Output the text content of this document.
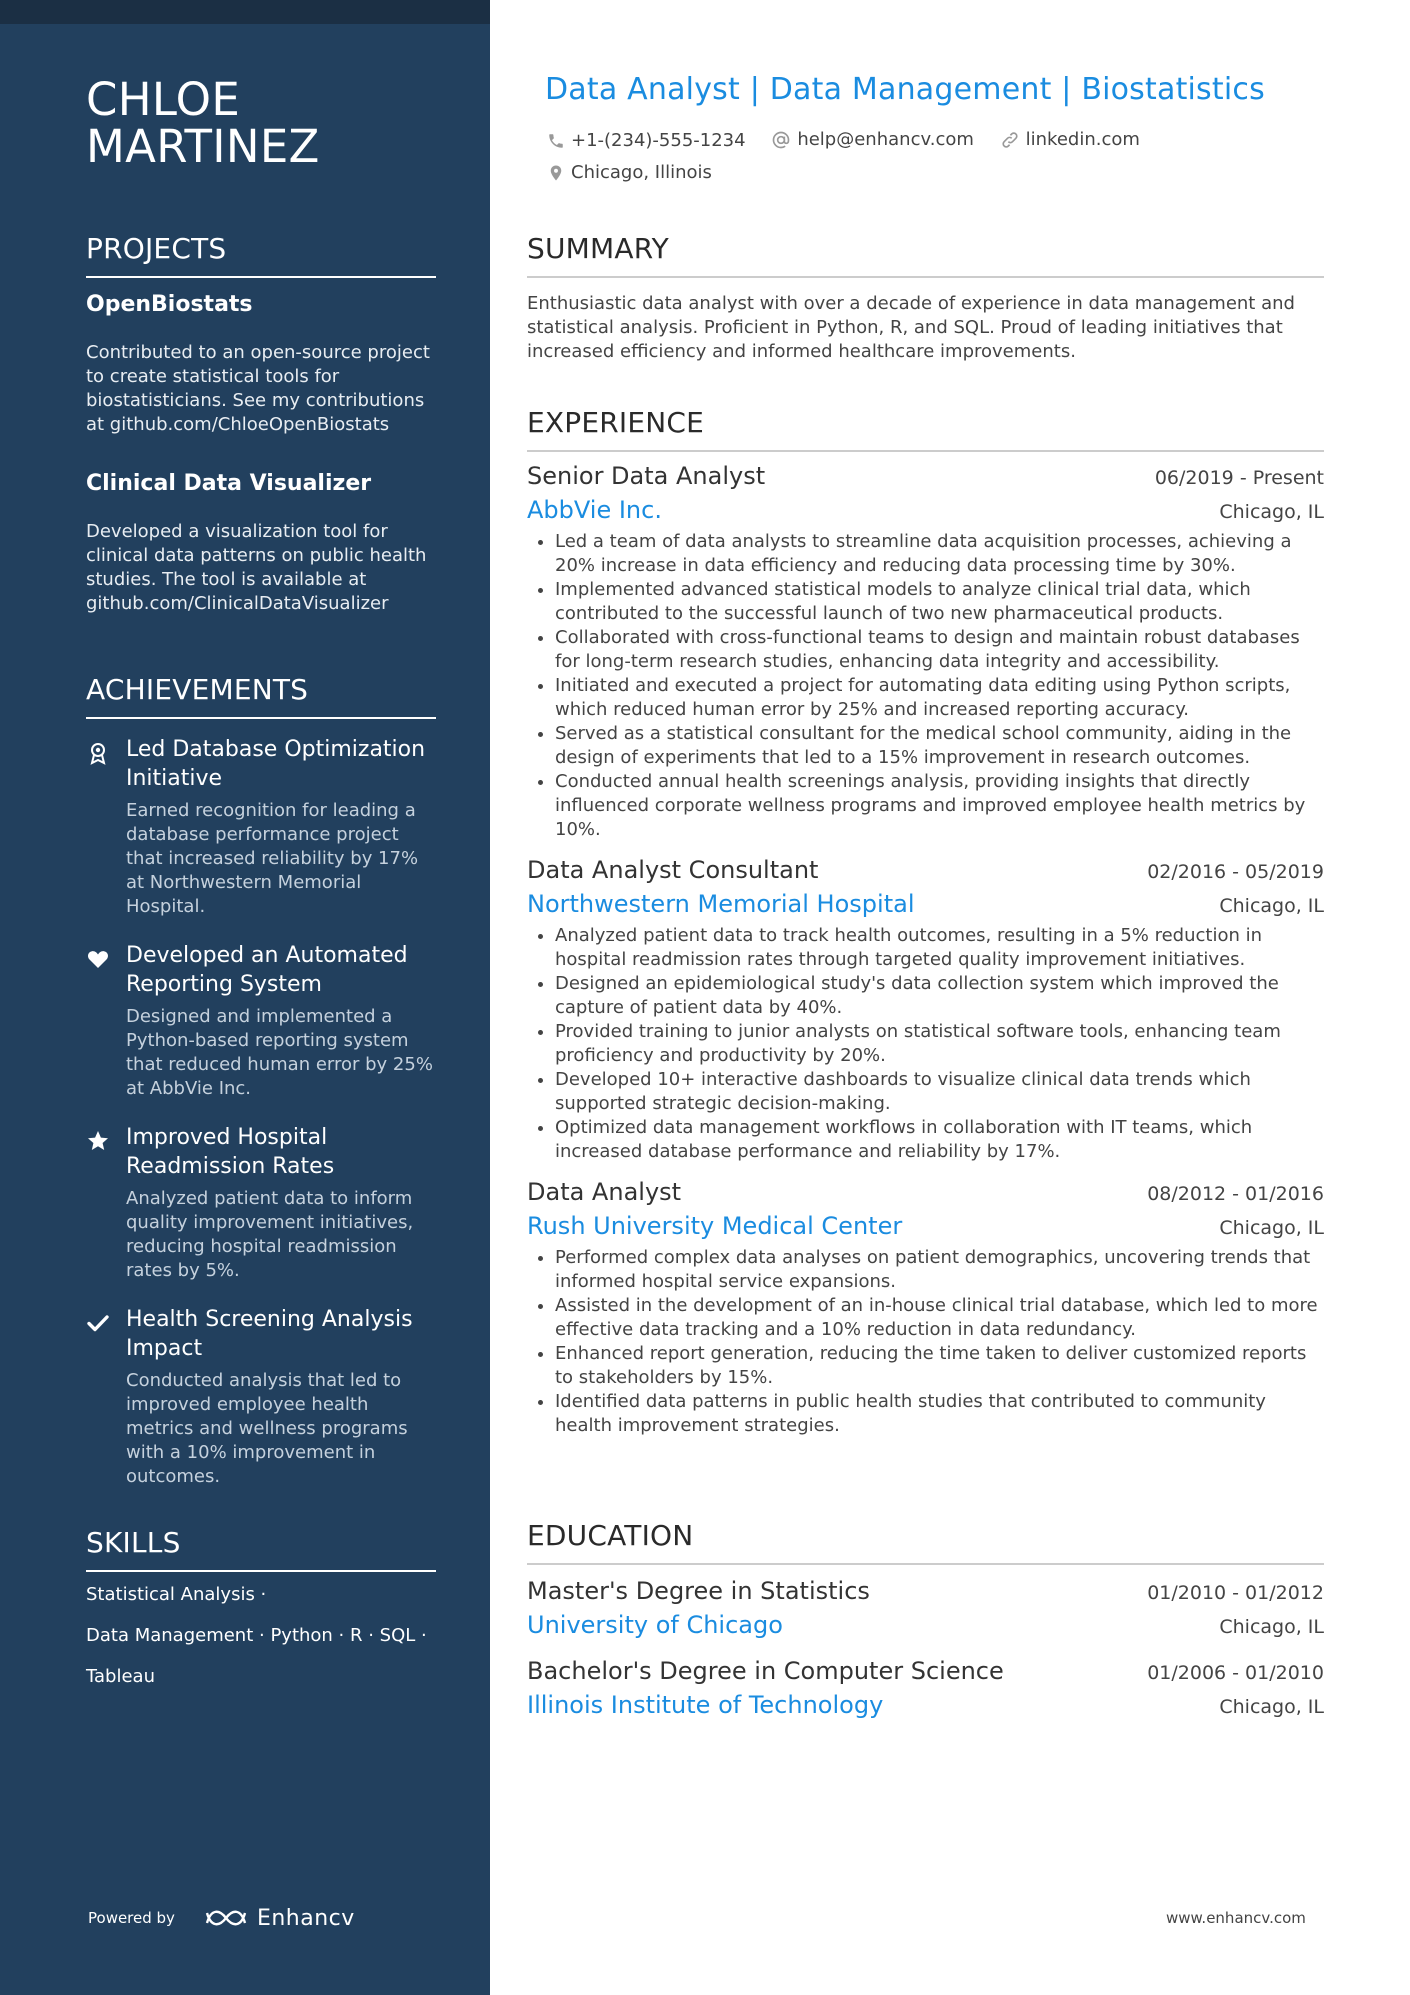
CHLOE MARTINEZ
PROJECTS
OpenBiostats
Contributed to an open-source project to create statistical tools for biostatisticians. See my contributions at github.com/ChloeOpenBiostats
Clinical Data Visualizer
Developed a visualization tool for clinical data patterns on public health studies. The tool is available at github.com/ClinicalDataVisualizer
ACHIEVEMENTS
Led Database Optimization Initiative
Earned recognition for leading a database performance project that increased reliability by 17% at Northwestern Memorial Hospital.
Developed an Automated Reporting System
Designed and implemented a Python-based reporting system that reduced human error by 25% at AbbVie Inc.
Improved Hospital Readmission Rates
Analyzed patient data to inform quality improvement initiatives, reducing hospital readmission rates by 5%.
Health Screening Analysis Impact
Conducted analysis that led to improved employee health metrics and wellness programs with a 10% improvement in outcomes.
SKILLS
Statistical Analysis ·
Data Management · Python · R · SQL ·
Tableau
Powered by	Enhancv
Data Analyst | Data Management | Biostatistics
+1-(234)-555-1234
	help@enhancv.com
	linkedin.com

Chicago, Illinois
SUMMARY
Enthusiastic data analyst with over a decade of experience in data management and statistical analysis. Proficient in Python, R, and SQL. Proud of leading initiatives that increased efficiency and informed healthcare improvements.
EXPERIENCE
Senior Data Analyst	06/2019 - Present
AbbVie Inc.	Chicago, IL
• Led a team of data analysts to streamline data acquisition processes, achieving a 20% increase in data efficiency and reducing data processing time by 30%.
• Implemented advanced statistical models to analyze clinical trial data, which contributed to the successful launch of two new pharmaceutical products.
• Collaborated with cross-functional teams to design and maintain robust databases for long-term research studies, enhancing data integrity and accessibility.
• Initiated and executed a project for automating data editing using Python scripts, which reduced human error by 25% and increased reporting accuracy.
• Served as a statistical consultant for the medical school community, aiding in the design of experiments that led to a 15% improvement in research outcomes.
• Conducted annual health screenings analysis, providing insights that directly influenced corporate wellness programs and improved employee health metrics by 10%.
Data Analyst Consultant	02/2016 - 05/2019
Northwestern Memorial Hospital	Chicago, IL
• Analyzed patient data to track health outcomes, resulting in a 5% reduction in hospital readmission rates through targeted quality improvement initiatives.
• Designed an epidemiological study's data collection system which improved the capture of patient data by 40%.
• Provided training to junior analysts on statistical software tools, enhancing team proficiency and productivity by 20%.
• Developed 10+ interactive dashboards to visualize clinical data trends which supported strategic decision-making.
• Optimized data management workflows in collaboration with IT teams, which increased database performance and reliability by 17%.
Data Analyst	08/2012 - 01/2016
Rush University Medical Center	Chicago, IL
• Performed complex data analyses on patient demographics, uncovering trends that informed hospital service expansions.
• Assisted in the development of an in-house clinical trial database, which led to more effective data tracking and a 10% reduction in data redundancy.
• Enhanced report generation, reducing the time taken to deliver customized reports to stakeholders by 15%.
• Identified data patterns in public health studies that contributed to community health improvement strategies.
EDUCATION
Master's Degree in Statistics	01/2010 - 01/2012
University of Chicago	Chicago, IL
Bachelor's Degree in Computer Science	01/2006 - 01/2010
Illinois Institute of Technology	Chicago, IL
www.enhancv.com
